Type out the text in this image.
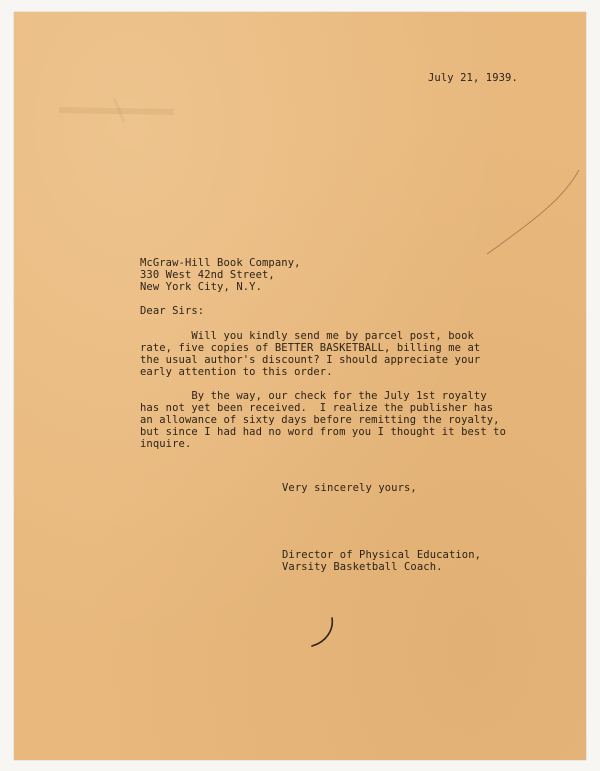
July 21, 1939.
McGraw-Hill Book Company,
330 West 42nd Street,
New York City, N.Y.
Dear Sirs:
Will you kindly send me by parcel post, book
rate, five copies of BETTER BASKETBALL, billing me at
the usual author's discount? I should appreciate your
early attention to this order.
By the way, our check for the July 1st royalty
has not yet been received.  I realize the publisher has
an allowance of sixty days before remitting the royalty,
but since I had had no word from you I thought it best to
inquire.
Very sincerely yours,
Director of Physical Education,
Varsity Basketball Coach.
